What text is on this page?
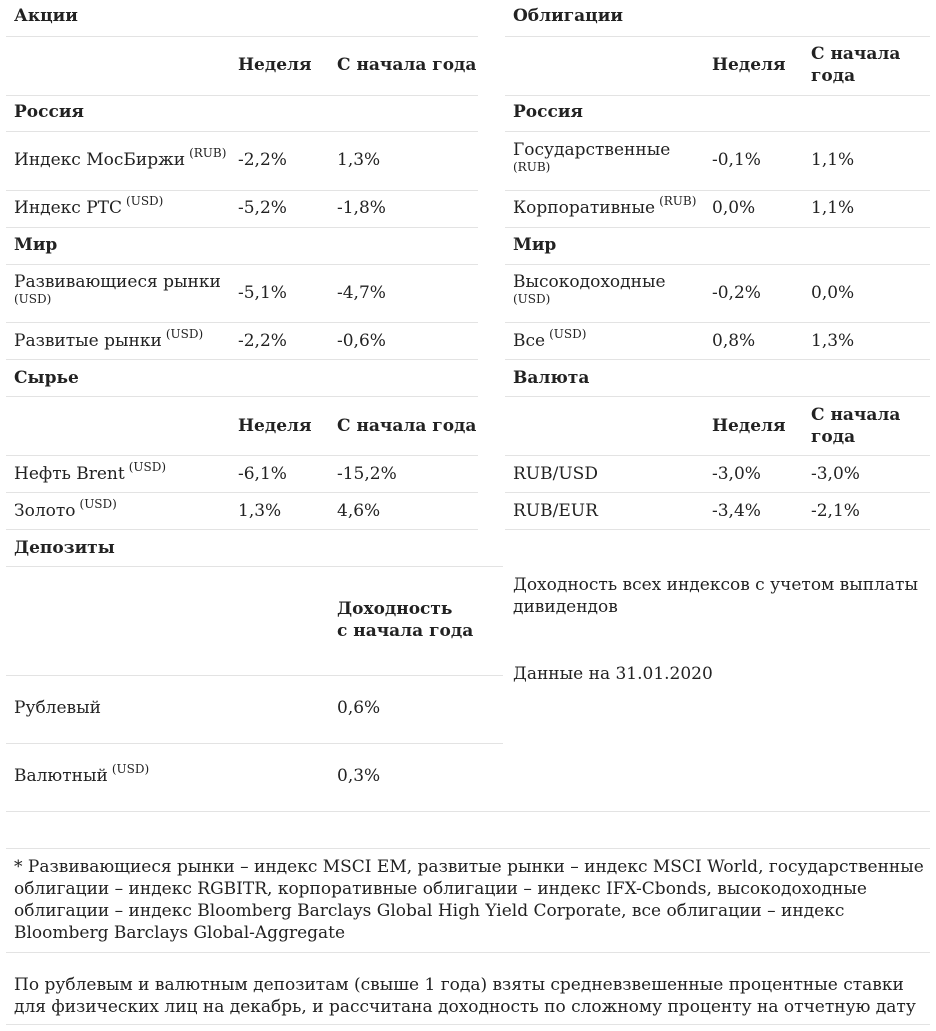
Акции
Неделя С начала года
Россия
Индекс МосБиржи $^{(RUB)}$ -2,2%	1,3%
Индекс РТС $^{(USD)}$	-5,2%	-1,8%
Мир
Развивающиеся рынки
(USD)	-5,1%	-4,7%
Развитые рынки $^{(USD)}$ -2,2%	-0,6%
Облигации
Неделя
С начала
года
Россия
Государственные
(RUB)	-0,1%	1,1%
Корпоративные $^{(RUB)}$ 0,0%	1,1%
Мир
Высокодоходные
(USD)	-0,2%	0,0%
Все $^{(USD)}$	0,8%	1,3%
Сырье
Неделя С начала года
Нефть Brent $^{(USD)}$	-6,1%	-15,2%
Золото $^{(USD)}$	1,3%	4,6%
Валюта
Неделя
С начала
года
RUB/USD	-3,0%	-3,0%
RUB/EUR	-3,4%	-2,1%
Депозиты
Доходность
с начала года
Рублевый	0,6%
Валютный $^{(USD)}$	0,3%
Доходность всех индексов с учетом выплаты дивидендов
Данные на 31.01.2020
* Развивающиеся рынки – индекс MSCI EM, развитые рынки – индекс MSCI World, государственные облигации – индекс RGBITR, корпоративные облигации – индекс IFX-Cbonds, высокодоходные облигации – индекс Bloomberg Barclays Global High Yield Corporate, все облигации – индекс Bloomberg Barclays Global-Aggregate
По рублевым и валютным депозитам (свыше 1 года) взяты средневзвешенные процентные ставки для физических лиц на декабрь, и рассчитана доходность по сложному проценту на отчетную дату
